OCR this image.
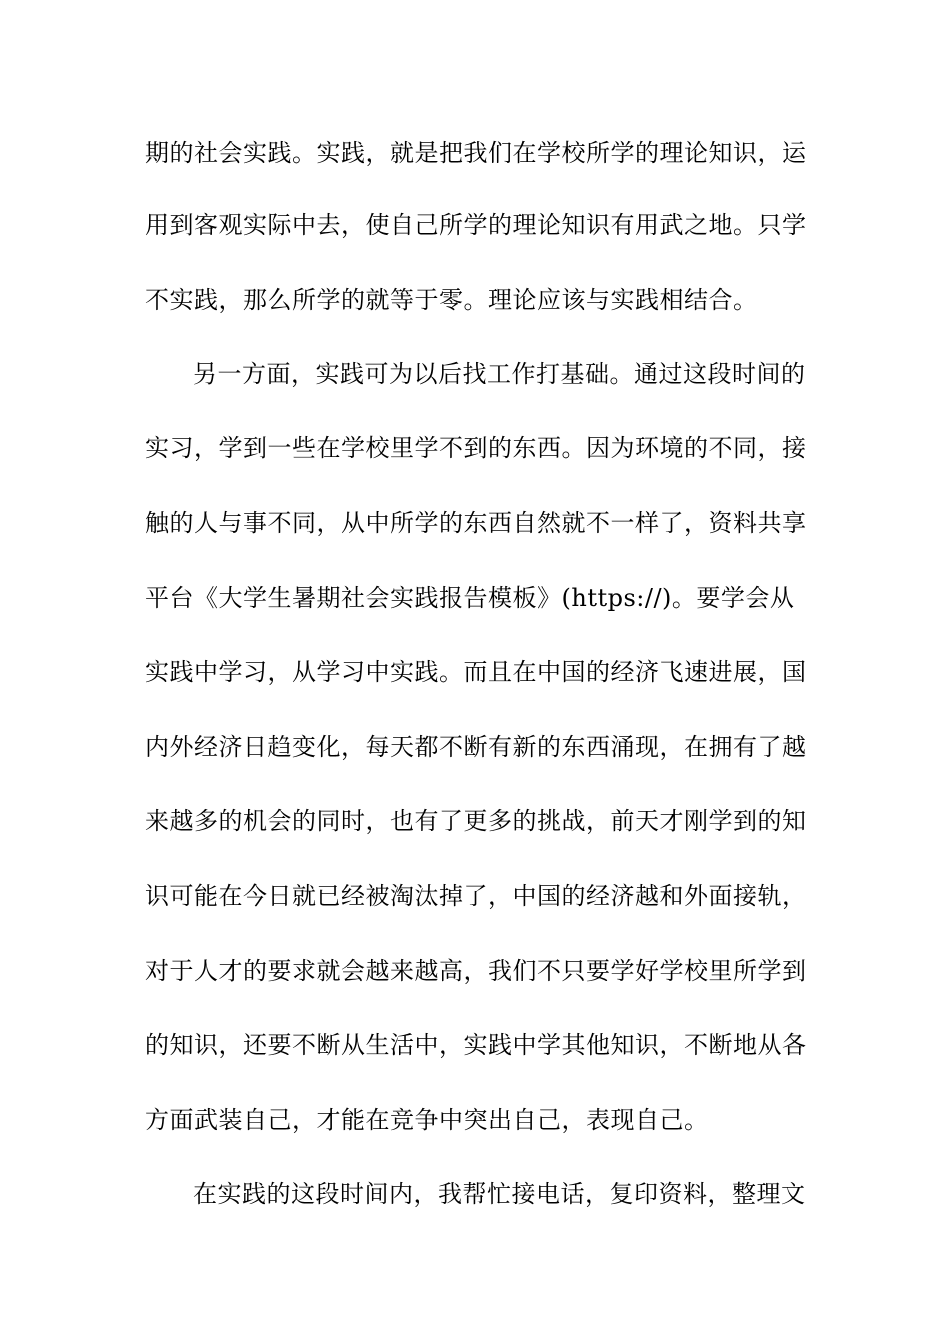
期的社会实践。实践，就是把我们在学校所学的理论知识，运
用到客观实际中去，使自己所学的理论知识有用武之地。只学
不实践，那么所学的就等于零。理论应该与实践相结合。
另一方面，实践可为以后找工作打基础。通过这段时间的
实习，学到一些在学校里学不到的东西。因为环境的不同，接
触的人与事不同，从中所学的东西自然就不一样了，资料共享
平台《大学生暑期社会实践报告模板》(https://)。要学会从
实践中学习，从学习中实践。而且在中国的经济飞速进展，国
内外经济日趋变化，每天都不断有新的东西涌现，在拥有了越
来越多的机会的同时，也有了更多的挑战，前天才刚学到的知
识可能在今日就已经被淘汰掉了，中国的经济越和外面接轨，
对于人才的要求就会越来越高，我们不只要学好学校里所学到
的知识，还要不断从生活中，实践中学其他知识，不断地从各
方面武装自己，才能在竞争中突出自己，表现自己。
在实践的这段时间内，我帮忙接电话，复印资料，整理文
